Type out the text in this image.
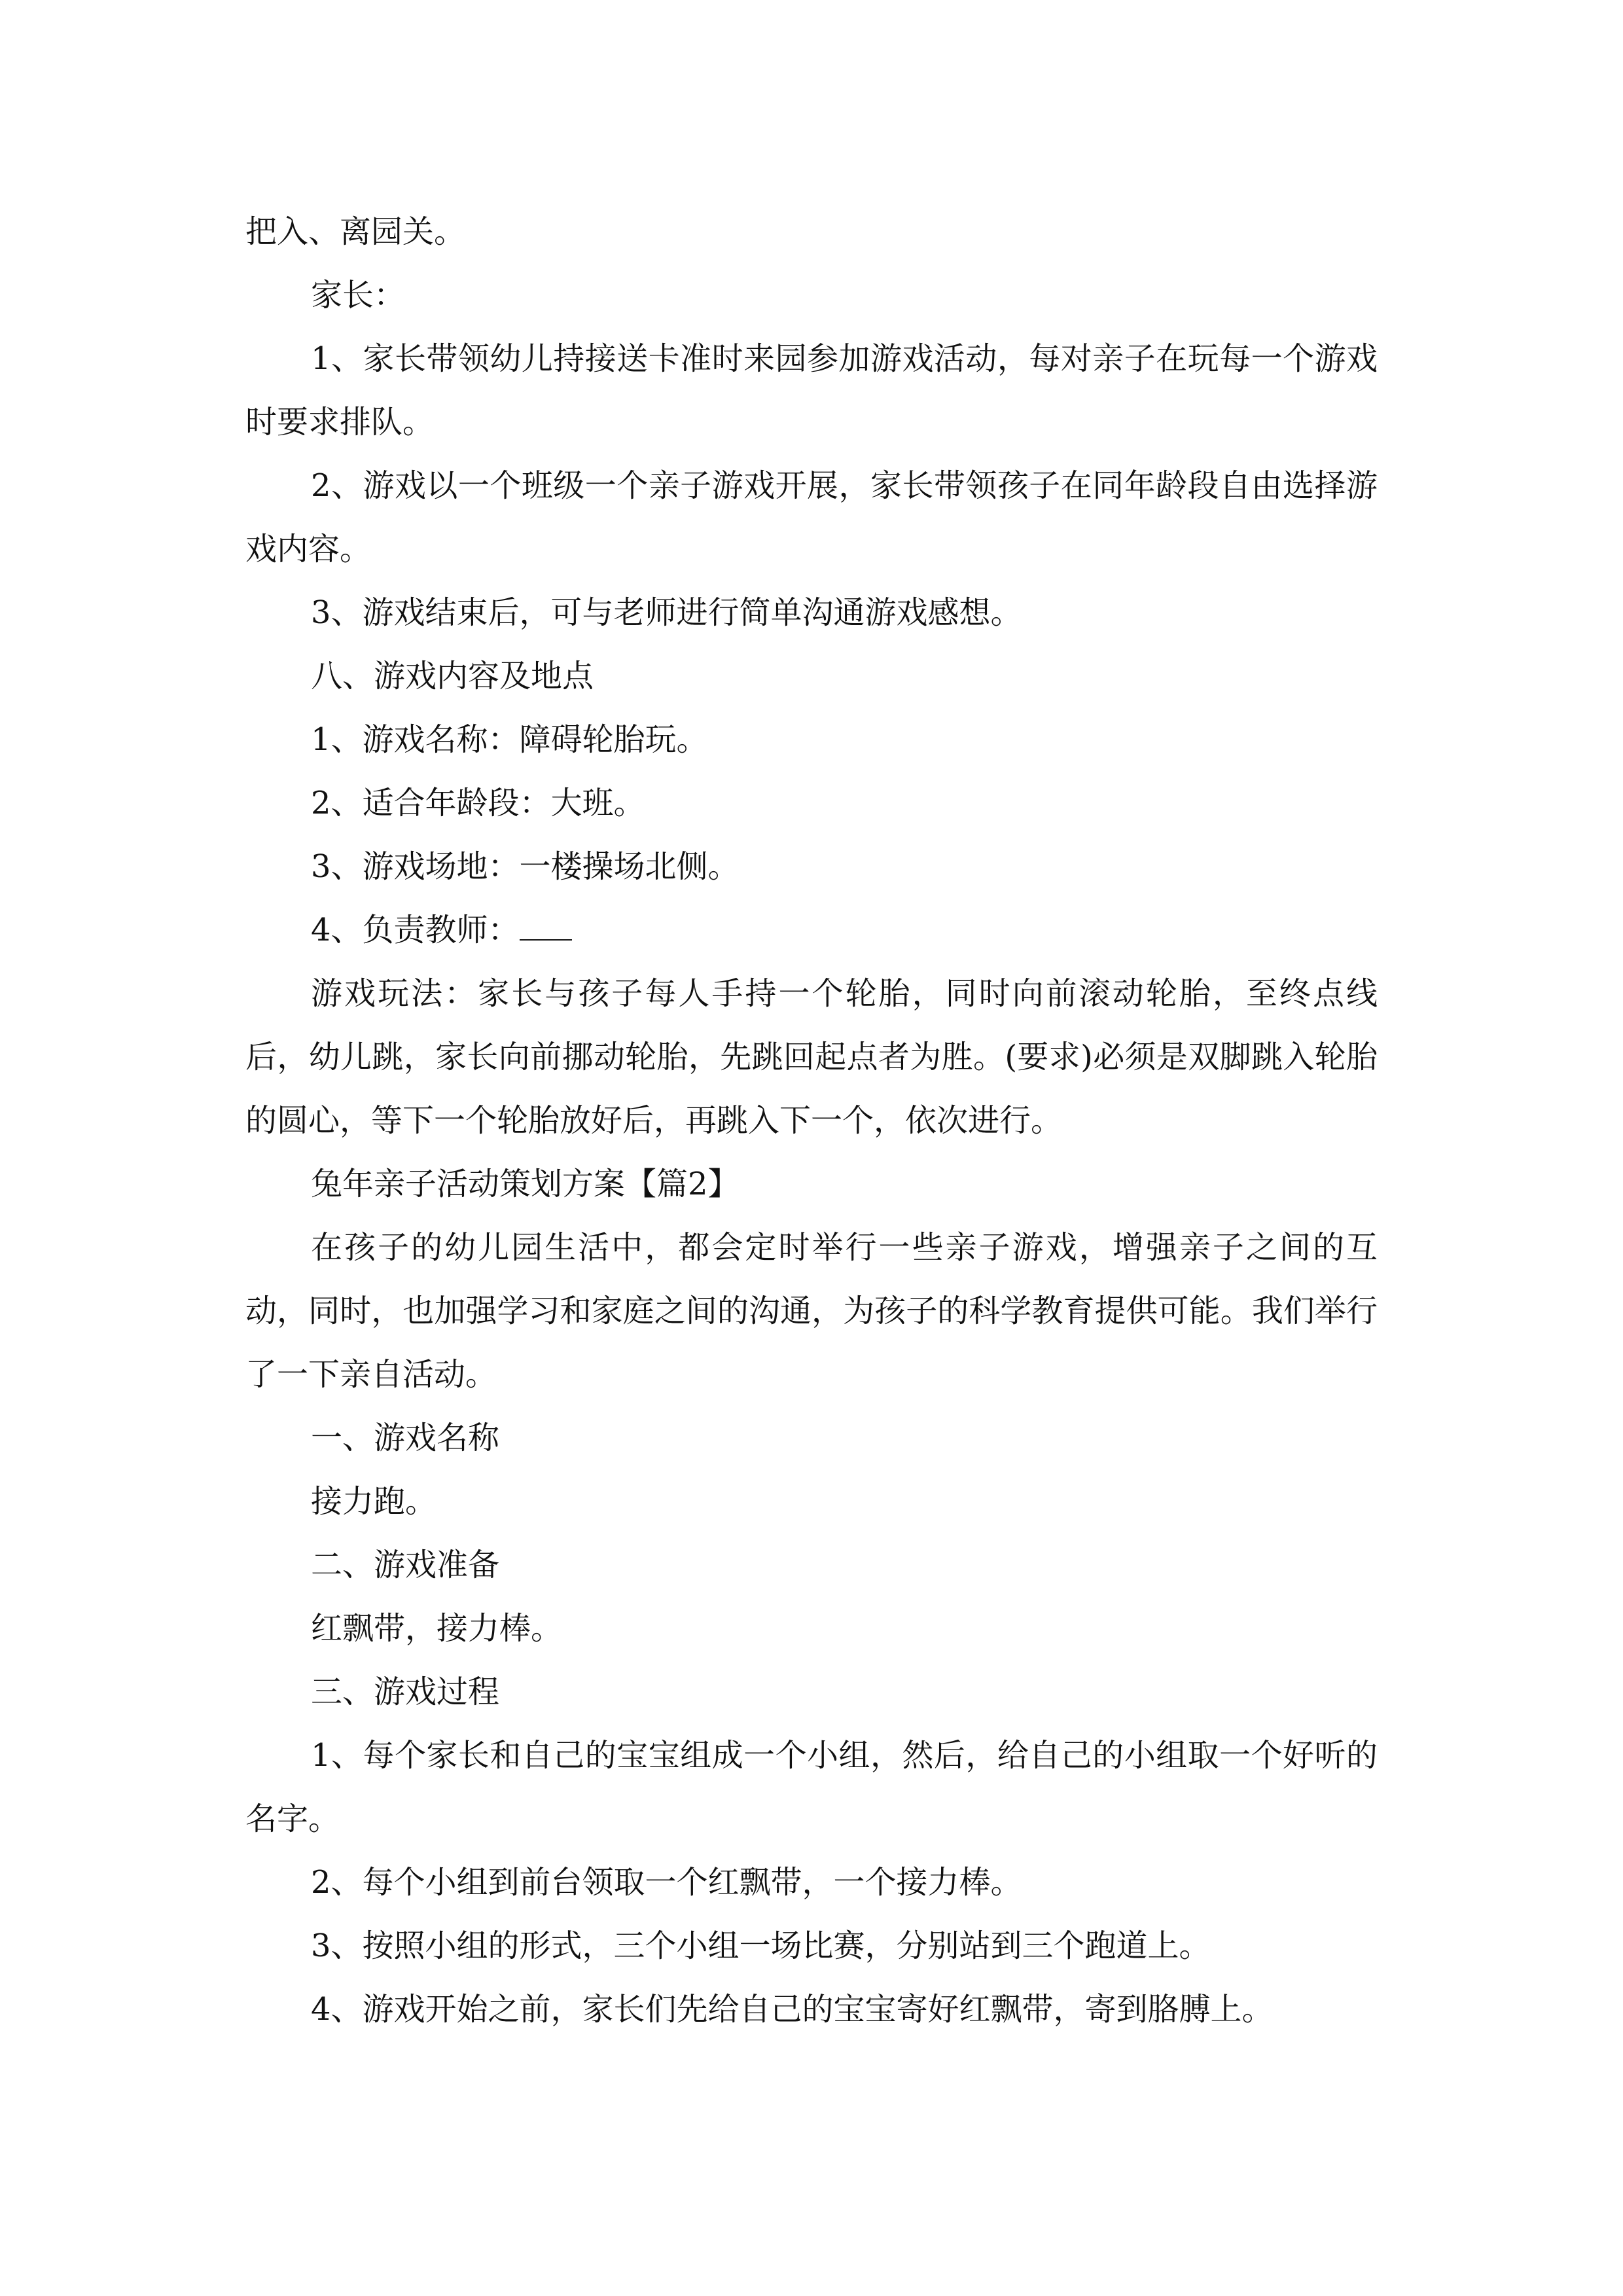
把入、离园关。

家长：

1、家长带领幼儿持接送卡准时来园参加游戏活动，每对亲子在玩每一个游戏时要求排队。

2、游戏以一个班级一个亲子游戏开展，家长带领孩子在同年龄段自由选择游戏内容。

3、游戏结束后，可与老师进行简单沟通游戏感想。

八、游戏内容及地点

1、游戏名称：障碍轮胎玩。

2、适合年龄段：大班。

3、游戏场地：一楼操场北侧。

4、负责教师：

游戏玩法：家长与孩子每人手持一个轮胎，同时向前滚动轮胎，至终点线后，幼儿跳，家长向前挪动轮胎，先跳回起点者为胜。(要求)必须是双脚跳入轮胎的圆心，等下一个轮胎放好后，再跳入下一个，依次进行。

兔年亲子活动策划方案【篇2】

在孩子的幼儿园生活中，都会定时举行一些亲子游戏，增强亲子之间的互动，同时，也加强学习和家庭之间的沟通，为孩子的科学教育提供可能。我们举行了一下亲自活动。

一、游戏名称

接力跑。

二、游戏准备

红飘带，接力棒。

三、游戏过程

1、每个家长和自己的宝宝组成一个小组，然后，给自己的小组取一个好听的名字。

2、每个小组到前台领取一个红飘带，一个接力棒。

3、按照小组的形式，三个小组一场比赛，分别站到三个跑道上。

4、游戏开始之前，家长们先给自己的宝宝寄好红飘带，寄到胳膊上。
